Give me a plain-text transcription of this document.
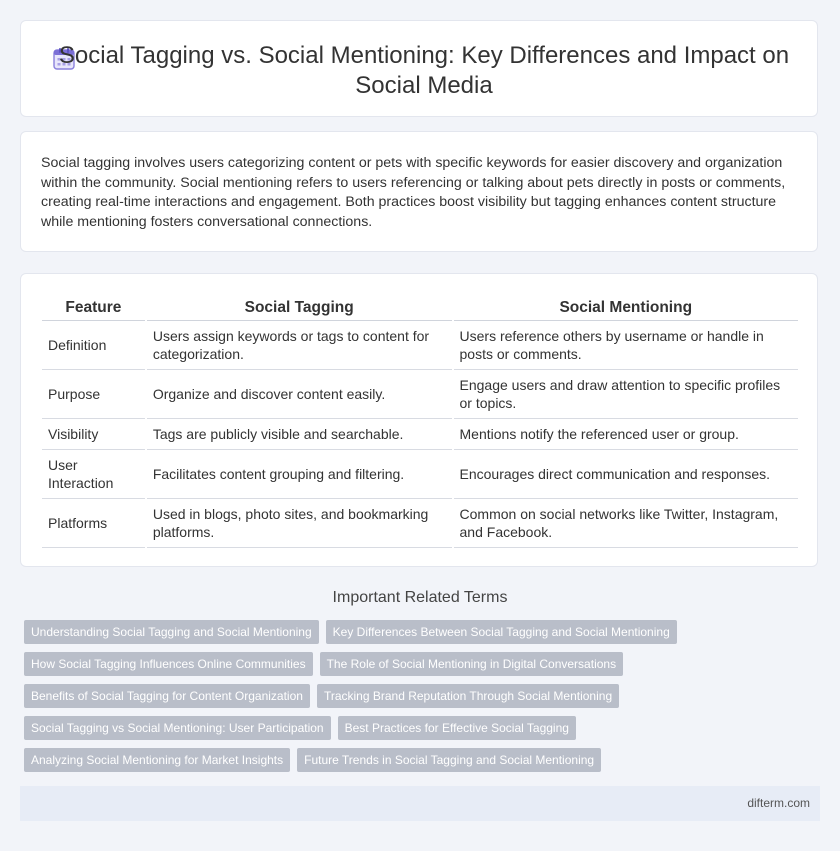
Social Tagging vs. Social Mentioning: Key Differences and Impact on Social Media

Social tagging involves users categorizing content or pets with specific keywords for easier discovery and organization within the community. Social mentioning refers to users referencing or talking about pets directly in posts or comments, creating real-time interactions and engagement. Both practices boost visibility but tagging enhances content structure while mentioning fosters conversational connections.

Feature	Social Tagging	Social Mentioning
Definition	Users assign keywords or tags to content for categorization.	Users reference others by username or handle in posts or comments.
Purpose	Organize and discover content easily.	Engage users and draw attention to specific profiles or topics.
Visibility	Tags are publicly visible and searchable.	Mentions notify the referenced user or group.
User Interaction	Facilitates content grouping and filtering.	Encourages direct communication and responses.
Platforms	Used in blogs, photo sites, and bookmarking platforms.	Common on social networks like Twitter, Instagram, and Facebook.
Important Related Terms
Understanding Social Tagging and Social Mentioning	Key Differences Between Social Tagging and Social Mentioning
How Social Tagging Influences Online Communities	The Role of Social Mentioning in Digital Conversations
Benefits of Social Tagging for Content Organization	Tracking Brand Reputation Through Social Mentioning
Social Tagging vs Social Mentioning: User Participation	Best Practices for Effective Social Tagging
Analyzing Social Mentioning for Market Insights	Future Trends in Social Tagging and Social Mentioning
difterm.com
